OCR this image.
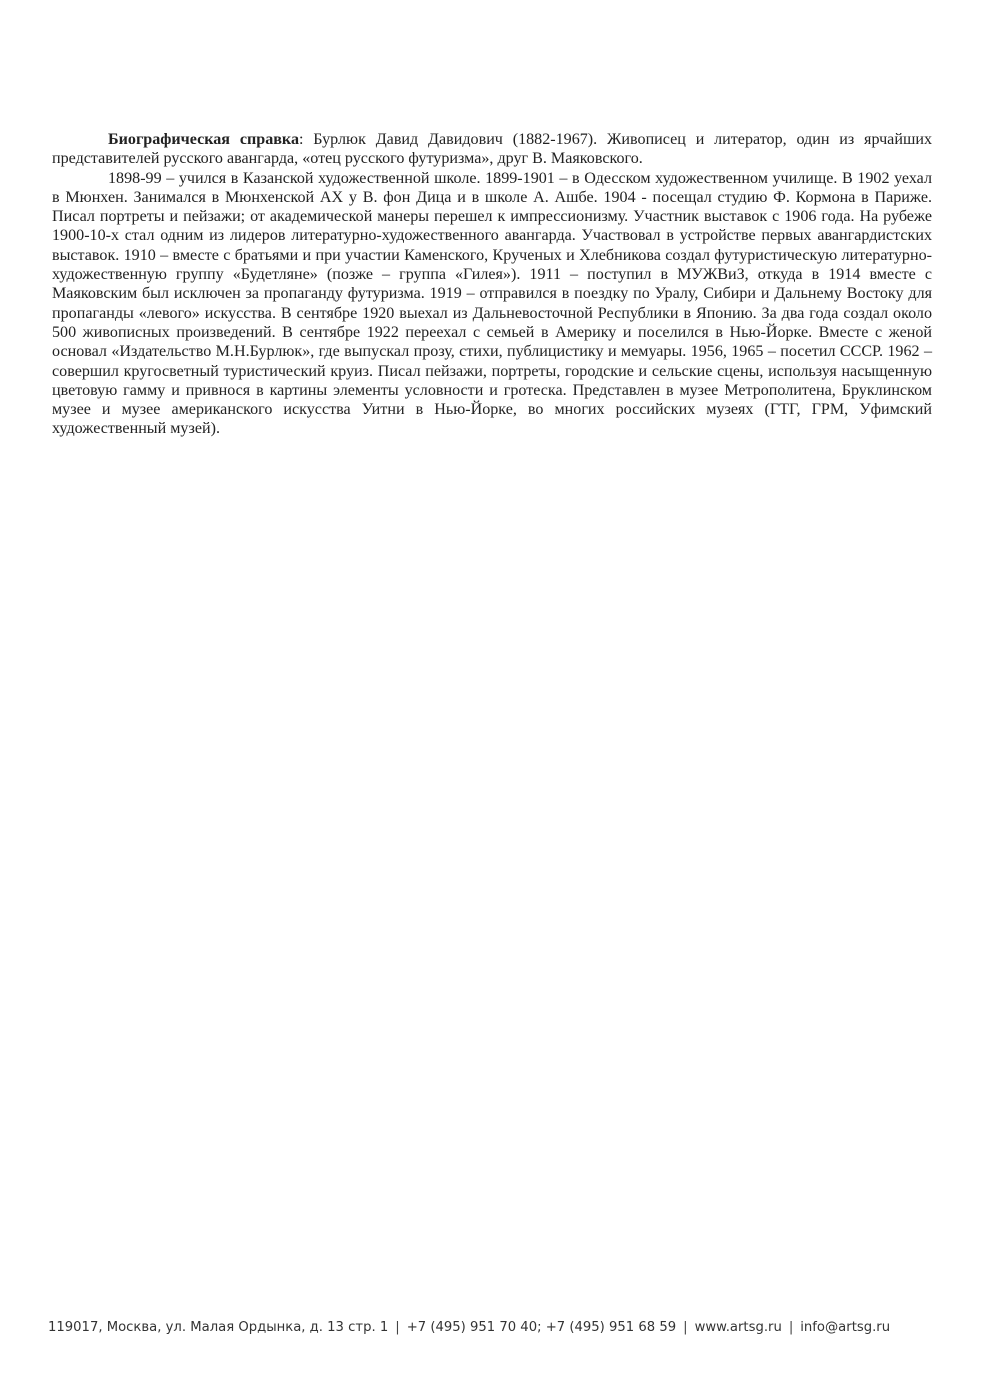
Биографическая справка: Бурлюк Давид Давидович (1882-1967). Живописец и литератор, один из ярчайших представителей русского авангарда, «отец русского футуризма», друг В. Маяковского.

1898-99 – учился в Казанской художественной школе. 1899-1901 – в Одесском художественном училище. В 1902 уехал в Мюнхен. Занимался в Мюнхенской АХ у В. фон Дица и в школе А. Ашбе. 1904 - посещал студию Ф. Кормона в Париже. Писал портреты и пейзажи; от академической манеры перешел к импрессионизму. Участник выставок с 1906 года. На рубеже 1900-10-х стал одним из лидеров литературно-художественного авангарда. Участвовал в устройстве первых авангардистских выставок. 1910 – вместе с братьями и при участии Каменского, Крученых и Хлебникова создал футуристическую литературно-художественную группу «Будетляне» (позже – группа «Гилея»). 1911 – поступил в МУЖВиЗ, откуда в 1914 вместе с Маяковским был исключен за пропаганду футуризма. 1919 – отправился в поездку по Уралу, Сибири и Дальнему Востоку для пропаганды «левого» искусства. В сентябре 1920 выехал из Дальневосточной Республики в Японию. За два года создал около 500 живописных произведений. В сентябре 1922 переехал с семьей в Америку и поселился в Нью-Йорке. Вместе с женой основал «Издательство М.Н.Бурлюк», где выпускал прозу, стихи, публицистику и мемуары. 1956, 1965 – посетил СССР. 1962 – совершил кругосветный туристический круиз. Писал пейзажи, портреты, городские и сельские сцены, используя насыщенную цветовую гамму и привнося в картины элементы условности и гротеска. Представлен в музее Метрополитена, Бруклинском музее и музее американского искусства Уитни в Нью-Йорке, во многих российских музеях (ГТГ, ГРМ, Уфимский художественный музей).

119017, Москва, ул. Малая Ордынка, д. 13 стр. 1 | +7 (495) 951 70 40; +7 (495) 951 68 59 | www.artsg.ru | info@artsg.ru
